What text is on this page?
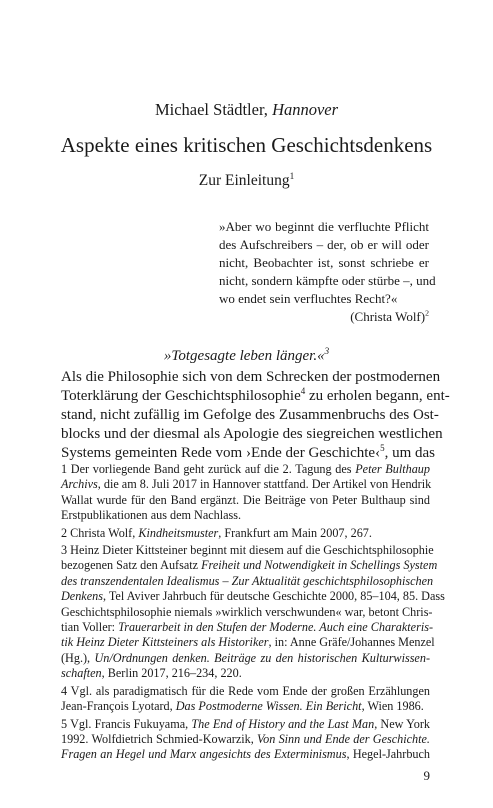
Michael Städtler, Hannover
Aspekte eines kritischen Geschichtsdenkens
Zur Einleitung$^1$
»Aber wo beginnt die verfluchte Pflicht
des Aufschreibers – der, ob er will oder
nicht, Beobachter ist, sonst schriebe er
nicht, sondern kämpfte oder stürbe –, und
wo endet sein verfluchtes Recht?«
(Christa Wolf)$^2$
»Totgesagte leben länger.«$^3$
Als die Philosophie sich von dem Schrecken der postmodernen
Toterklärung der Geschichtsphilosophie$^4$ zu erholen begann, ent-
stand, nicht zufällig im Gefolge des Zusammenbruchs des Ost-
blocks und der diesmal als Apologie des siegreichen westlichen
Systems gemeinten Rede vom ›Ende der Geschichte‹$^5$, um das
1 Der vorliegende Band geht zurück auf die 2. Tagung des Peter Bulthaup
Archivs, die am 8. Juli 2017 in Hannover stattfand. Der Artikel von Hendrik
Wallat wurde für den Band ergänzt. Die Beiträge von Peter Bulthaup sind
Erstpublikationen aus dem Nachlass.
2 Christa Wolf, Kindheitsmuster, Frankfurt am Main 2007, 267.
3 Heinz Dieter Kittsteiner beginnt mit diesem auf die Geschichtsphilosophie
bezogenen Satz den Aufsatz Freiheit und Notwendigkeit in Schellings System
des transzendentalen Idealismus – Zur Aktualität geschichtsphilosophischen
Denkens, Tel Aviver Jahrbuch für deutsche Geschichte 2000, 85–104, 85. Dass
Geschichtsphilosophie niemals »wirklich verschwunden« war, betont Chris-
tian Voller: Trauerarbeit in den Stufen der Moderne. Auch eine Charakteris-
tik Heinz Dieter Kittsteiners als Historiker, in: Anne Gräfe/Johannes Menzel
(Hg.), Un/Ordnungen denken. Beiträge zu den historischen Kulturwissen-
schaften, Berlin 2017, 216–234, 220.
4 Vgl. als paradigmatisch für die Rede vom Ende der großen Erzählungen
Jean-François Lyotard, Das Postmoderne Wissen. Ein Bericht, Wien 1986.
5 Vgl. Francis Fukuyama, The End of History and the Last Man, New York
1992. Wolfdietrich Schmied-Kowarzik, Von Sinn und Ende der Geschichte.
Fragen an Hegel und Marx angesichts des Exterminismus, Hegel-Jahrbuch
9
